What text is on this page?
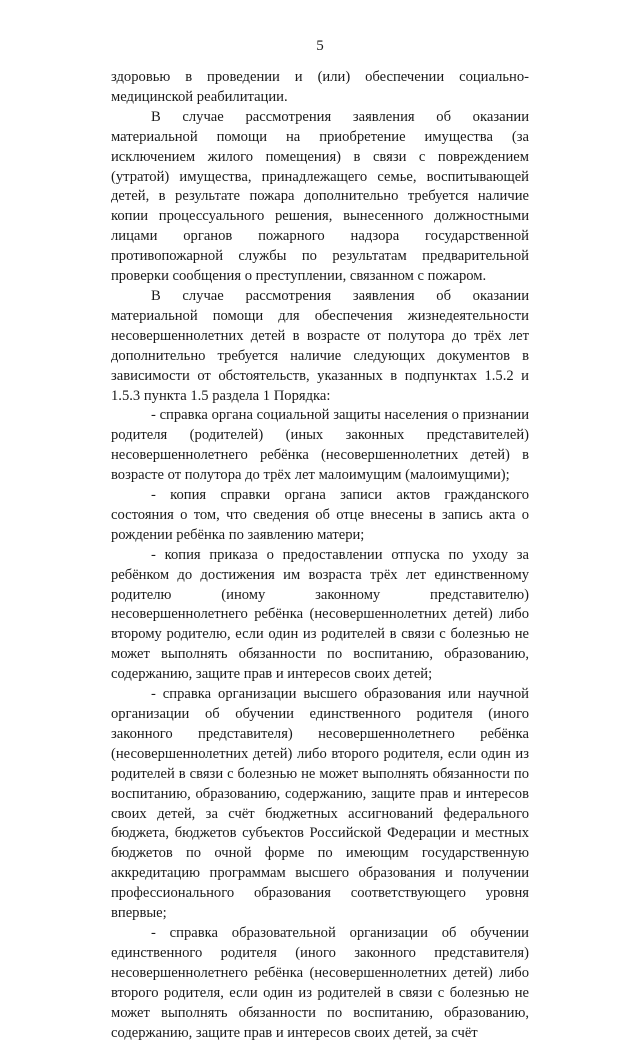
5

здоровью в проведении и (или) обеспечении социально-медицинской реабилитации.

В случае рассмотрения заявления об оказании материальной помощи на приобретение имущества (за исключением жилого помещения) в связи с повреждением (утратой) имущества, принадлежащего семье, воспитывающей детей, в результате пожара дополнительно требуется наличие копии процессуального решения, вынесенного должностными лицами органов пожарного надзора государственной противопожарной службы по результатам предварительной проверки сообщения о преступлении, связанном с пожаром.

В случае рассмотрения заявления об оказании материальной помощи для обеспечения жизнедеятельности несовершеннолетних детей в возрасте от полутора до трёх лет дополнительно требуется наличие следующих документов в зависимости от обстоятельств, указанных в подпунктах 1.5.2 и 1.5.3 пункта 1.5 раздела 1 Порядка:

- справка органа социальной защиты населения о признании родителя (родителей) (иных законных представителей) несовершеннолетнего ребёнка (несовершеннолетних детей) в возрасте от полутора до трёх лет малоимущим (малоимущими);

- копия справки органа записи актов гражданского состояния о том, что сведения об отце внесены в запись акта о рождении ребёнка по заявлению матери;

- копия приказа о предоставлении отпуска по уходу за ребёнком до достижения им возраста трёх лет единственному родителю (иному законному представителю) несовершеннолетнего ребёнка (несовершеннолетних детей) либо второму родителю, если один из родителей в связи с болезнью не может выполнять обязанности по воспитанию, образованию, содержанию, защите прав и интересов своих детей;

- справка организации высшего образования или научной организации об обучении единственного родителя (иного законного представителя) несовершеннолетнего ребёнка (несовершеннолетних детей) либо второго родителя, если один из родителей в связи с болезнью не может выполнять обязанности по воспитанию, образованию, содержанию, защите прав и интересов своих детей, за счёт бюджетных ассигнований федерального бюджета, бюджетов субъектов Российской Федерации и местных бюджетов по очной форме по имеющим государственную аккредитацию программам высшего образования и получении профессионального образования соответствующего уровня впервые;

- справка образовательной организации об обучении единственного родителя (иного законного представителя) несовершеннолетнего ребёнка (несовершеннолетних детей) либо второго родителя, если один из родителей в связи с болезнью не может выполнять обязанности по воспитанию, образованию, содержанию, защите прав и интересов своих детей, за счёт
